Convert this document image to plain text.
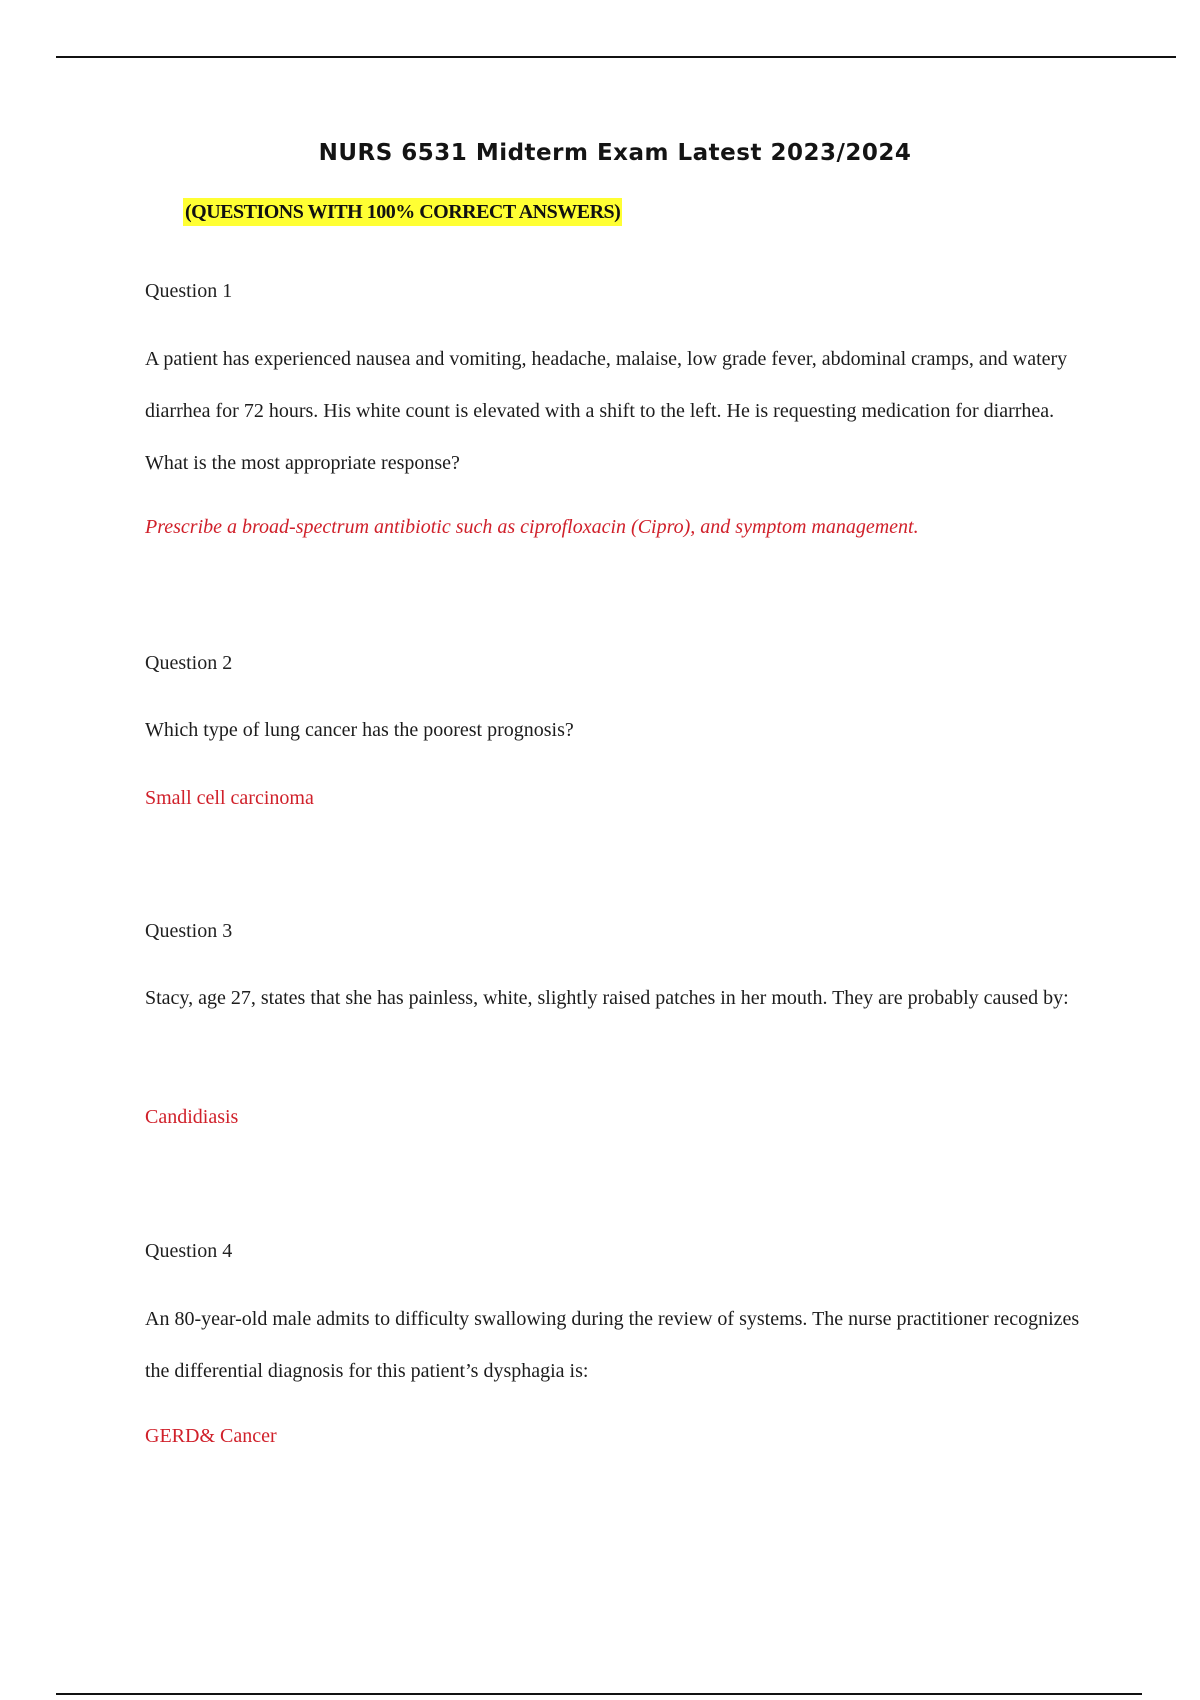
NURS 6531 Midterm Exam Latest 2023/2024

(QUESTIONS WITH 100% CORRECT ANSWERS)

Question 1

A patient has experienced nausea and vomiting, headache, malaise, low grade fever, abdominal cramps, and watery diarrhea for 72 hours. His white count is elevated with a shift to the left. He is requesting medication for diarrhea. What is the most appropriate response?

Prescribe a broad-spectrum antibiotic such as ciprofloxacin (Cipro), and symptom management.

Question 2

Which type of lung cancer has the poorest prognosis?

Small cell carcinoma

Question 3

Stacy, age 27, states that she has painless, white, slightly raised patches in her mouth. They are probably caused by:

Candidiasis

Question 4

An 80-year-old male admits to difficulty swallowing during the review of systems. The nurse practitioner recognizes the differential diagnosis for this patient’s dysphagia is:

GERD& Cancer
